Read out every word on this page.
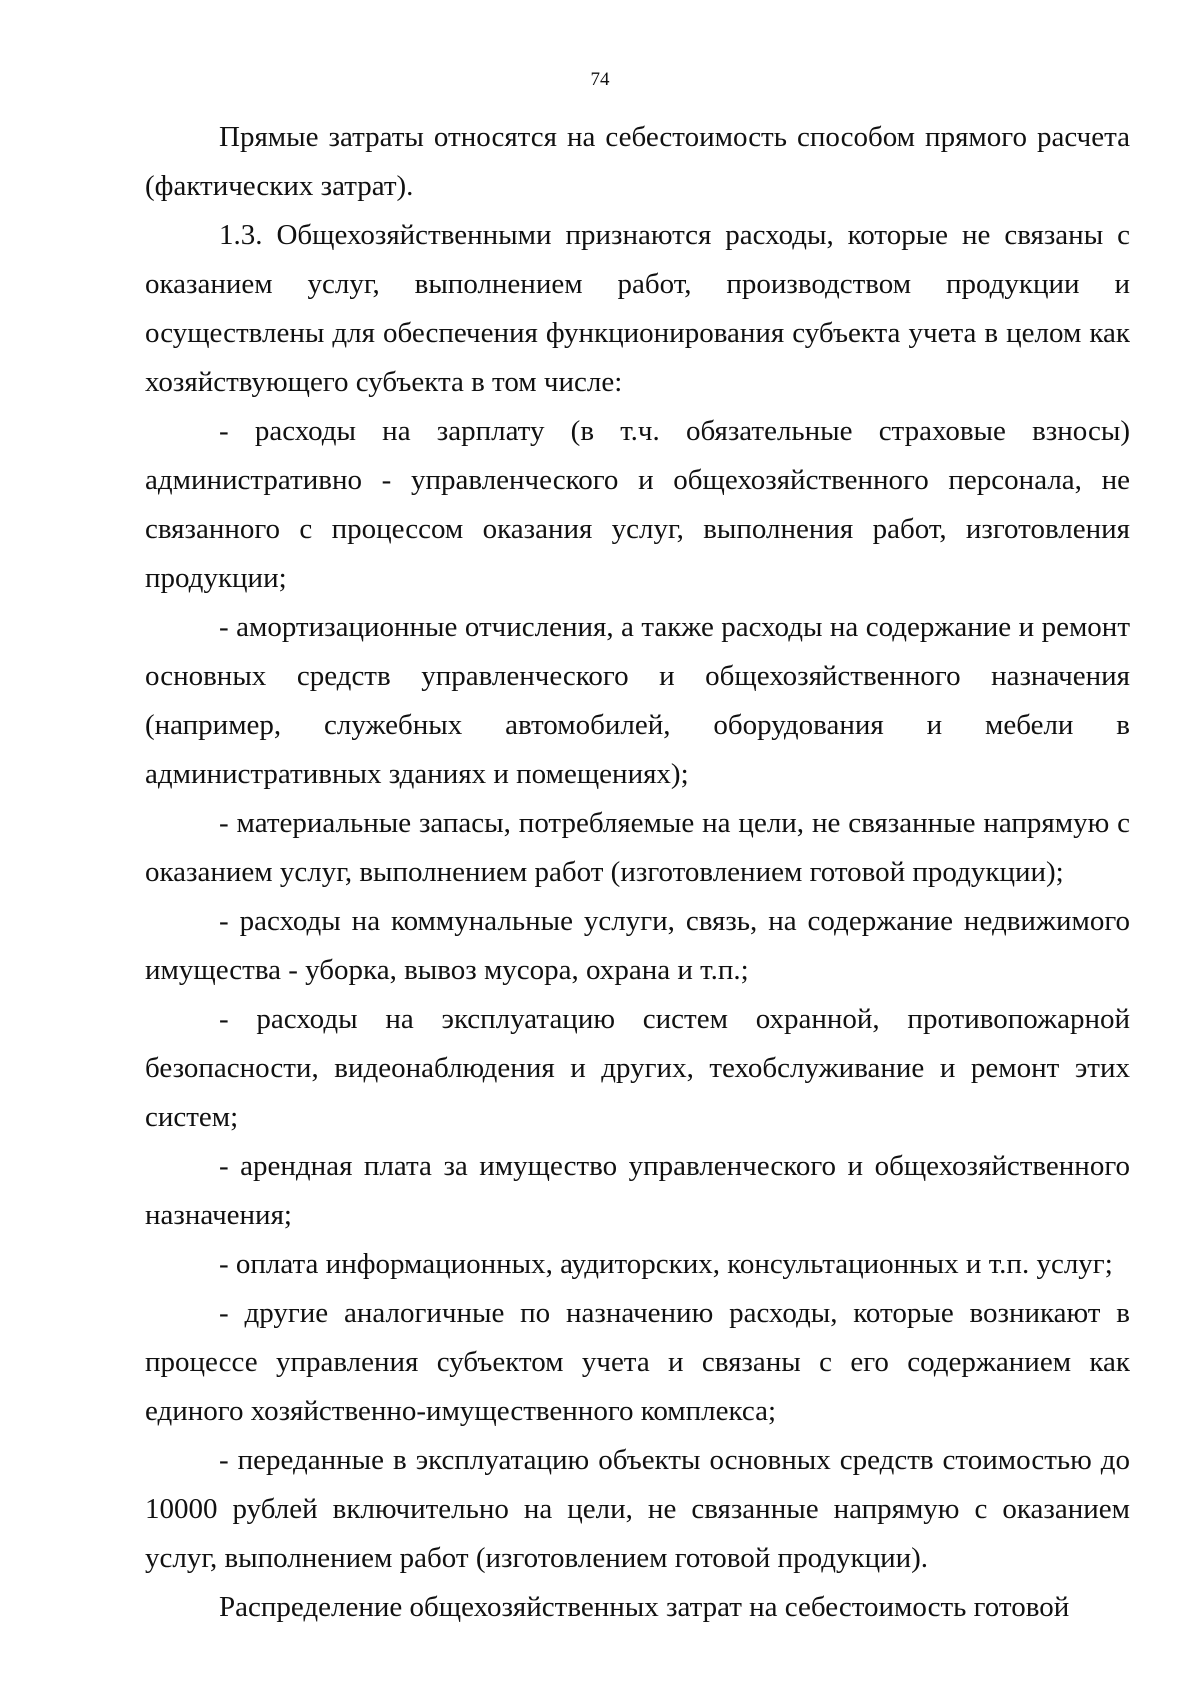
74

Прямые затраты относятся на себестоимость способом прямого расчета (фактических затрат).

1.3. Общехозяйственными признаются расходы, которые не связаны с оказанием услуг, выполнением работ, производством продукции и осуществлены для обеспечения функционирования субъекта учета в целом как хозяйствующего субъекта в том числе:

- расходы на зарплату (в т.ч. обязательные страховые взносы) административно - управленческого и общехозяйственного персонала, не связанного с процессом оказания услуг, выполнения работ, изготовления продукции;

- амортизационные отчисления, а также расходы на содержание и ремонт основных средств управленческого и общехозяйственного назначения (например, служебных автомобилей, оборудования и мебели в административных зданиях и помещениях);

- материальные запасы, потребляемые на цели, не связанные напрямую с оказанием услуг, выполнением работ (изготовлением готовой продукции);

- расходы на коммунальные услуги, связь, на содержание недвижимого имущества - уборка, вывоз мусора, охрана и т.п.;

- расходы на эксплуатацию систем охранной, противопожарной безопасности, видеонаблюдения и других, техобслуживание и ремонт этих систем;

- арендная плата за имущество управленческого и общехозяйственного назначения;

- оплата информационных, аудиторских, консультационных и т.п. услуг;

- другие аналогичные по назначению расходы, которые возникают в процессе управления субъектом учета и связаны с его содержанием как единого хозяйственно-имущественного комплекса;

- переданные в эксплуатацию объекты основных средств стоимостью до 10000 рублей включительно на цели, не связанные напрямую с оказанием услуг, выполнением работ (изготовлением готовой продукции).

Распределение общехозяйственных затрат на себестоимость готовой
